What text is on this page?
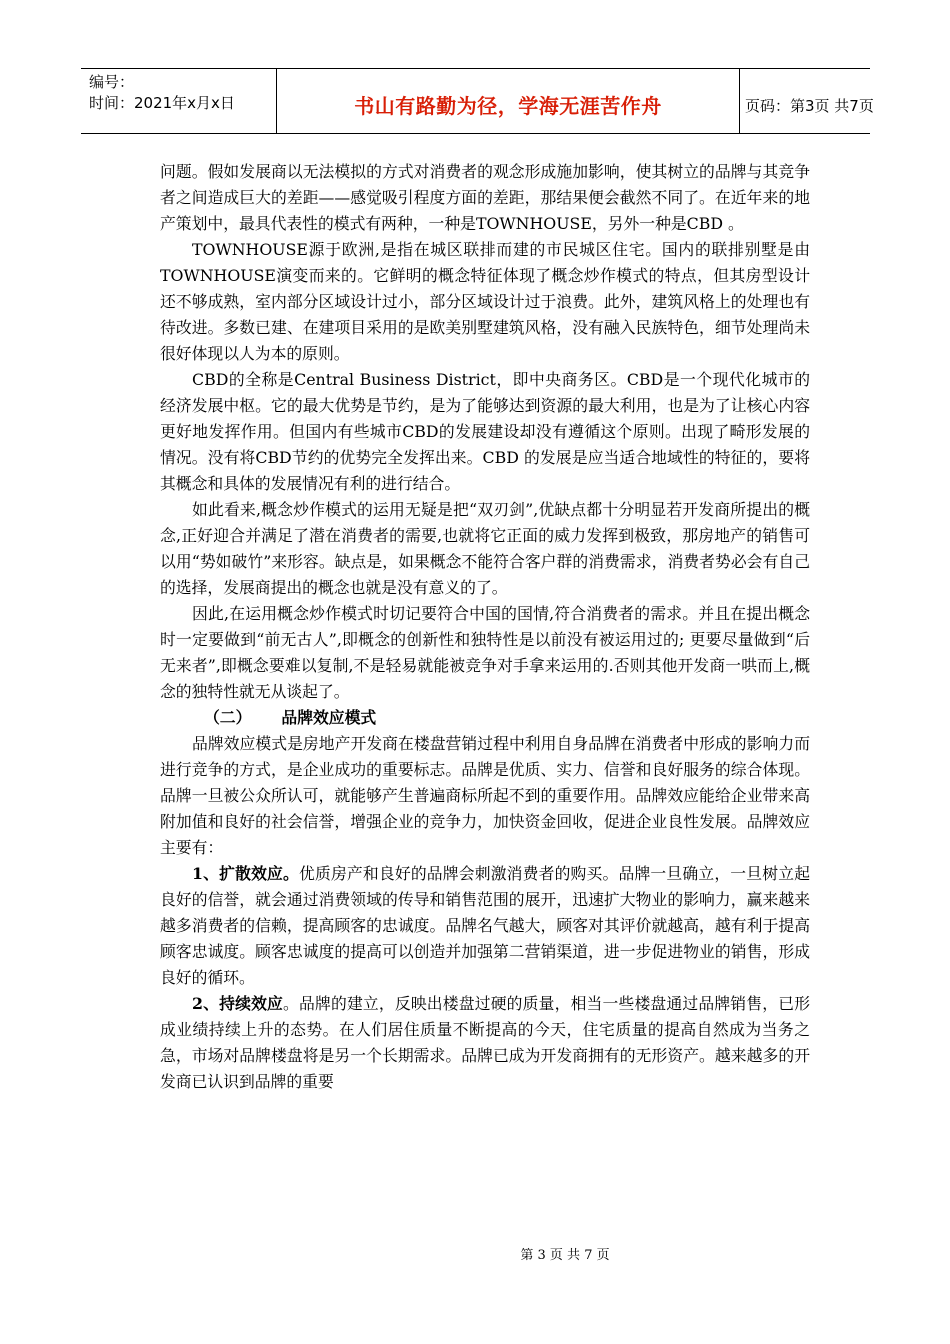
编号：
时间：2021年x月x日	书山有路勤为径，学海无涯苦作舟	页码：第3页 共7页

问题。假如发展商以无法模拟的方式对消费者的观念形成施加影响，使其树立的品牌与其竞争者之间造成巨大的差距——感觉吸引程度方面的差距，那结果便会截然不同了。在近年来的地产策划中，最具代表性的模式有两种，一种是TOWNHOUSE，另外一种是CBD 。

TOWNHOUSE源于欧洲,是指在城区联排而建的市民城区住宅。国内的联排别墅是由TOWNHOUSE演变而来的。它鲜明的概念特征体现了概念炒作模式的特点，但其房型设计还不够成熟，室内部分区域设计过小，部分区域设计过于浪费。此外，建筑风格上的处理也有待改进。多数已建、在建项目采用的是欧美别墅建筑风格，没有融入民族特色，细节处理尚未很好体现以人为本的原则。

CBD的全称是Central Business District，即中央商务区。CBD是一个现代化城市的经济发展中枢。它的最大优势是节约，是为了能够达到资源的最大利用，也是为了让核心内容更好地发挥作用。但国内有些城市CBD的发展建设却没有遵循这个原则。出现了畸形发展的情况。没有将CBD节约的优势完全发挥出来。CBD 的发展是应当适合地域性的特征的，要将其概念和具体的发展情况有利的进行结合。

如此看来,概念炒作模式的运用无疑是把“双刃剑”,优缺点都十分明显若开发商所提出的概念,正好迎合并满足了潜在消费者的需要,也就将它正面的威力发挥到极致，那房地产的销售可以用“势如破竹”来形容。缺点是，如果概念不能符合客户群的消费需求，消费者势必会有自己的选择，发展商提出的概念也就是没有意义的了。

因此,在运用概念炒作模式时切记要符合中国的国情,符合消费者的需求。并且在提出概念时一定要做到“前无古人”,即概念的创新性和独特性是以前没有被运用过的; 更要尽量做到“后无来者”,即概念要难以复制,不是轻易就能被竞争对手拿来运用的.否则其他开发商一哄而上,概念的独特性就无从谈起了。

（二） 品牌效应模式

品牌效应模式是房地产开发商在楼盘营销过程中利用自身品牌在消费者中形成的影响力而进行竞争的方式，是企业成功的重要标志。品牌是优质、实力、信誉和良好服务的综合体现。品牌一旦被公众所认可，就能够产生普遍商标所起不到的重要作用。品牌效应能给企业带来高附加值和良好的社会信誉，增强企业的竞争力，加快资金回收，促进企业良性发展。品牌效应主要有：

1、扩散效应。优质房产和良好的品牌会刺激消费者的购买。品牌一旦确立，一旦树立起良好的信誉，就会通过消费领域的传导和销售范围的展开，迅速扩大物业的影响力，赢来越来越多消费者的信赖，提高顾客的忠诚度。品牌名气越大，顾客对其评价就越高，越有利于提高顾客忠诚度。顾客忠诚度的提高可以创造并加强第二营销渠道，进一步促进物业的销售，形成良好的循环。

2、持续效应。品牌的建立，反映出楼盘过硬的质量，相当一些楼盘通过品牌销售，已形成业绩持续上升的态势。在人们居住质量不断提高的今天，住宅质量的提高自然成为当务之急，市场对品牌楼盘将是另一个长期需求。品牌已成为开发商拥有的无形资产。越来越多的开发商已认识到品牌的重要

第 3 页 共 7 页
